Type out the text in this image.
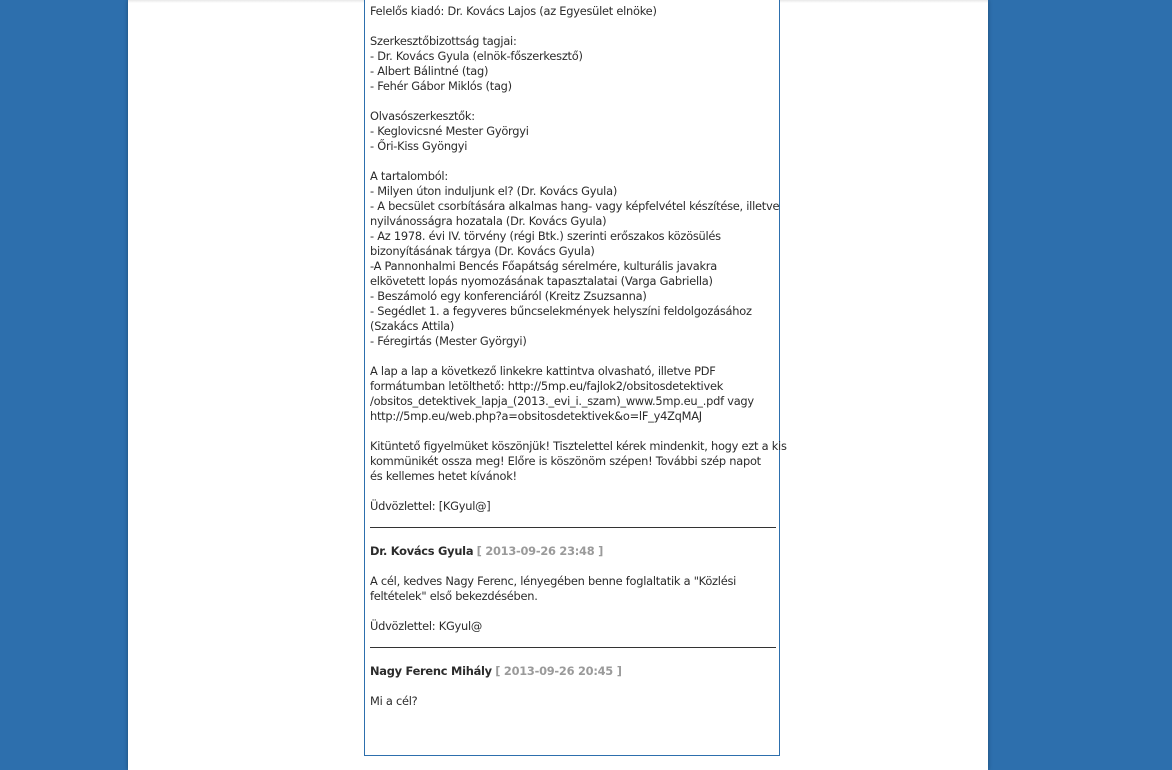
Felelős kiadó: Dr. Kovács Lajos (az Egyesület elnöke)
Szerkesztőbizottság tagjai:
- Dr. Kovács Gyula (elnök-főszerkesztő)
- Albert Bálintné (tag)
- Fehér Gábor Miklós (tag)
Olvasószerkesztők:
- Keglovicsné Mester Györgyi
- Őri-Kiss Gyöngyi
A tartalomból:
- Milyen úton induljunk el? (Dr. Kovács Gyula)
- A becsület csorbítására alkalmas hang- vagy képfelvétel készítése, illetve
nyilvánosságra hozatala (Dr. Kovács Gyula)
- Az 1978. évi IV. törvény (régi Btk.) szerinti erőszakos közösülés
bizonyításának tárgya (Dr. Kovács Gyula)
-A Pannonhalmi Bencés Főapátság sérelmére, kulturális javakra
elkövetett lopás nyomozásának tapasztalatai (Varga Gabriella)
- Beszámoló egy konferenciáról (Kreitz Zsuzsanna)
- Segédlet 1. a fegyveres bűncselekmények helyszíni feldolgozásához
(Szakács Attila)
- Féregirtás (Mester Györgyi)
A lap a lap a következő linkekre kattintva olvasható, illetve PDF
formátumban letölthető: http://5mp.eu/fajlok2/obsitosdetektivek
/obsitos_detektivek_lapja_(2013._evi_i._szam)_www.5mp.eu_.pdf vagy
http://5mp.eu/web.php?a=obsitosdetektivek&o=lF_y4ZqMAJ
Kitüntető figyelmüket köszönjük! Tisztelettel kérek mindenkit, hogy ezt a kis
kommünikét ossza meg! Előre is köszönöm szépen! További szép napot
és kellemes hetet kívánok!
Üdvözlettel: [KGyul@]
Dr. Kovács Gyula [ 2013-09-26 23:48 ]
A cél, kedves Nagy Ferenc, lényegében benne foglaltatik a "Közlési
feltételek" első bekezdésében.
Üdvözlettel: KGyul@
Nagy Ferenc Mihály [ 2013-09-26 20:45 ]
Mi a cél?
